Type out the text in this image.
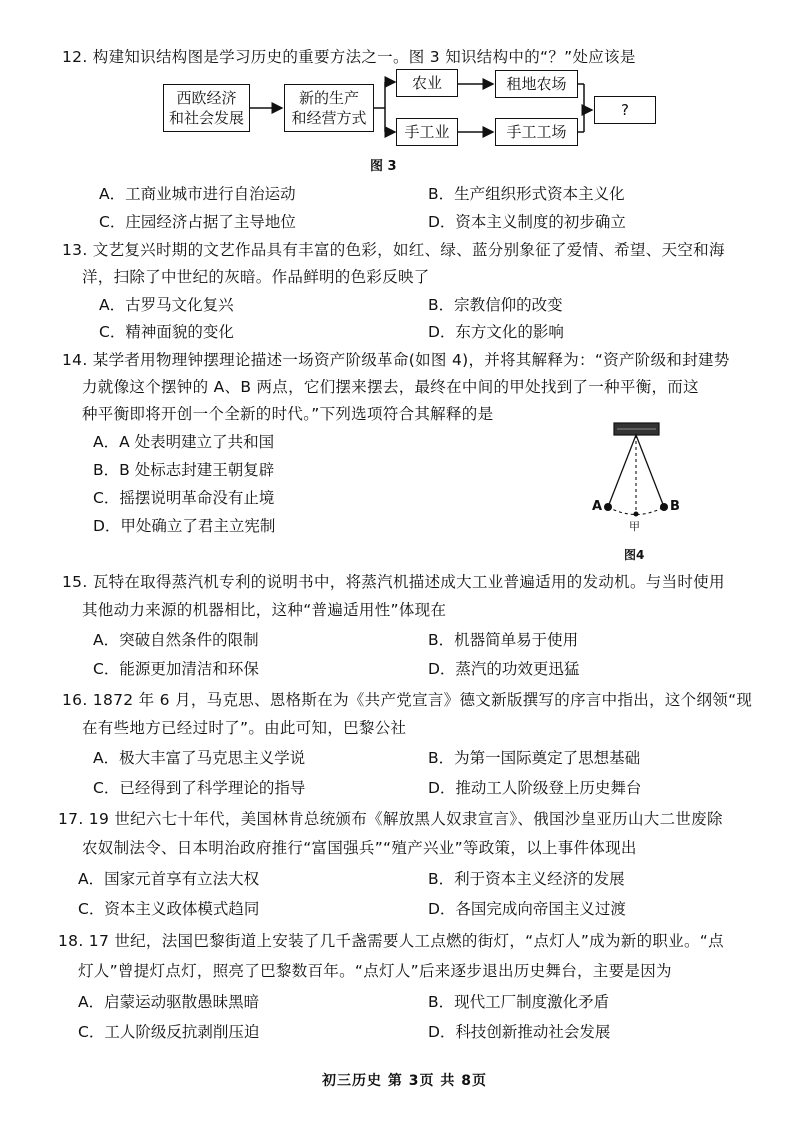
12. 构建知识结构图是学习历史的重要方法之一。图 3 知识结构中的“？”处应该是
西欧经济
和社会发展
新的生产
和经营方式
农业	租地农场
手工业	手工工场
?
图 3
A．工商业城市进行自治运动	B．生产组织形式资本主义化
C．庄园经济占据了主导地位	D．资本主义制度的初步确立
13. 文艺复兴时期的文艺作品具有丰富的色彩，如红、绿、蓝分别象征了爱情、希望、天空和海
洋，扫除了中世纪的灰暗。作品鲜明的色彩反映了
A．古罗马文化复兴	B．宗教信仰的改变
C．精神面貌的变化	D．东方文化的影响
14. 某学者用物理钟摆理论描述一场资产阶级革命(如图 4)，并将其解释为：“资产阶级和封建势
力就像这个摆钟的 A、B 两点，它们摆来摆去，最终在中间的甲处找到了一种平衡，而这
种平衡即将开创一个全新的时代。”下列选项符合其解释的是
A．A 处表明建立了共和国
B．B 处标志封建王朝复辟
C．摇摆说明革命没有止境
D．甲处确立了君主立宪制
A	B
甲
图4
15. 瓦特在取得蒸汽机专利的说明书中，将蒸汽机描述成大工业普遍适用的发动机。与当时使用
其他动力来源的机器相比，这种“普遍适用性”体现在
A．突破自然条件的限制	B．机器简单易于使用
C．能源更加清洁和环保	D．蒸汽的功效更迅猛
16. 1872 年 6 月，马克思、恩格斯在为《共产党宣言》德文新版撰写的序言中指出，这个纲领“现
在有些地方已经过时了”。由此可知，巴黎公社
A．极大丰富了马克思主义学说	B．为第一国际奠定了思想基础
C．已经得到了科学理论的指导	D．推动工人阶级登上历史舞台
17. 19 世纪六七十年代，美国林肯总统颁布《解放黑人奴隶宣言》、俄国沙皇亚历山大二世废除
农奴制法令、日本明治政府推行“富国强兵”“殖产兴业”等政策，以上事件体现出
A．国家元首享有立法大权	B．利于资本主义经济的发展
C．资本主义政体模式趋同	D．各国完成向帝国主义过渡
18. 17 世纪，法国巴黎街道上安装了几千盏需要人工点燃的街灯，“点灯人”成为新的职业。“点
灯人”曾提灯点灯，照亮了巴黎数百年。“点灯人”后来逐步退出历史舞台，主要是因为
A．启蒙运动驱散愚昧黑暗	B．现代工厂制度激化矛盾
C．工人阶级反抗剥削压迫	D．科技创新推动社会发展
初三历史 第 3页 共 8页
